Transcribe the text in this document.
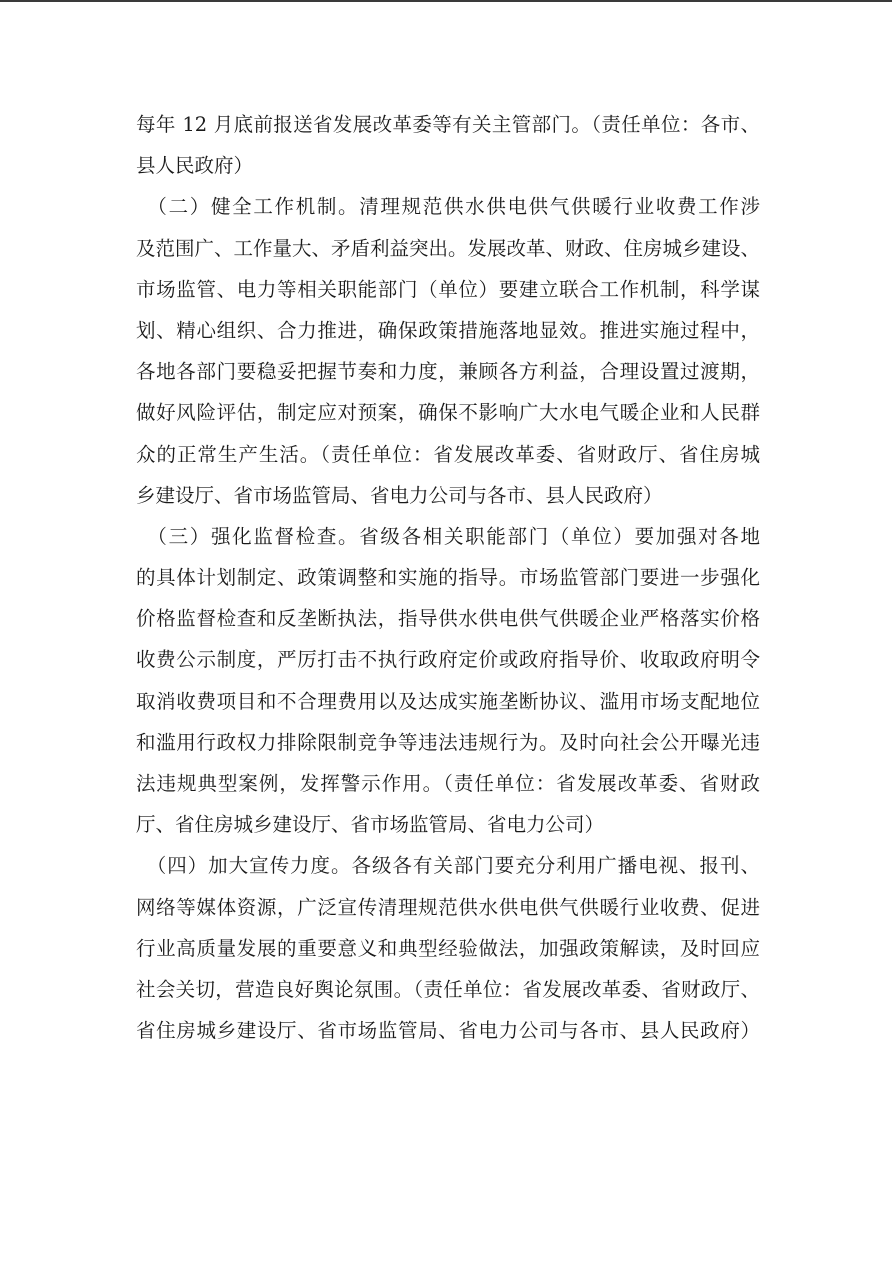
每年 12 月底前报送省发展改革委等有关主管部门。（责任单位：各市、
县人民政府）
　（二）健全工作机制。清理规范供水供电供气供暖行业收费工作涉
及范围广、工作量大、矛盾利益突出。发展改革、财政、住房城乡建设、
市场监管、电力等相关职能部门（单位）要建立联合工作机制，科学谋
划、精心组织、合力推进，确保政策措施落地显效。推进实施过程中，
各地各部门要稳妥把握节奏和力度，兼顾各方利益，合理设置过渡期，
做好风险评估，制定应对预案，确保不影响广大水电气暖企业和人民群
众的正常生产生活。（责任单位：省发展改革委、省财政厅、省住房城
乡建设厅、省市场监管局、省电力公司与各市、县人民政府）
　（三）强化监督检查。省级各相关职能部门（单位）要加强对各地
的具体计划制定、政策调整和实施的指导。市场监管部门要进一步强化
价格监督检查和反垄断执法，指导供水供电供气供暖企业严格落实价格
收费公示制度，严厉打击不执行政府定价或政府指导价、收取政府明令
取消收费项目和不合理费用以及达成实施垄断协议、滥用市场支配地位
和滥用行政权力排除限制竞争等违法违规行为。及时向社会公开曝光违
法违规典型案例，发挥警示作用。（责任单位：省发展改革委、省财政
厅、省住房城乡建设厅、省市场监管局、省电力公司）
　（四）加大宣传力度。各级各有关部门要充分利用广播电视、报刊、
网络等媒体资源，广泛宣传清理规范供水供电供气供暖行业收费、促进
行业高质量发展的重要意义和典型经验做法，加强政策解读，及时回应
社会关切，营造良好舆论氛围。（责任单位：省发展改革委、省财政厅、
省住房城乡建设厅、省市场监管局、省电力公司与各市、县人民政府）
